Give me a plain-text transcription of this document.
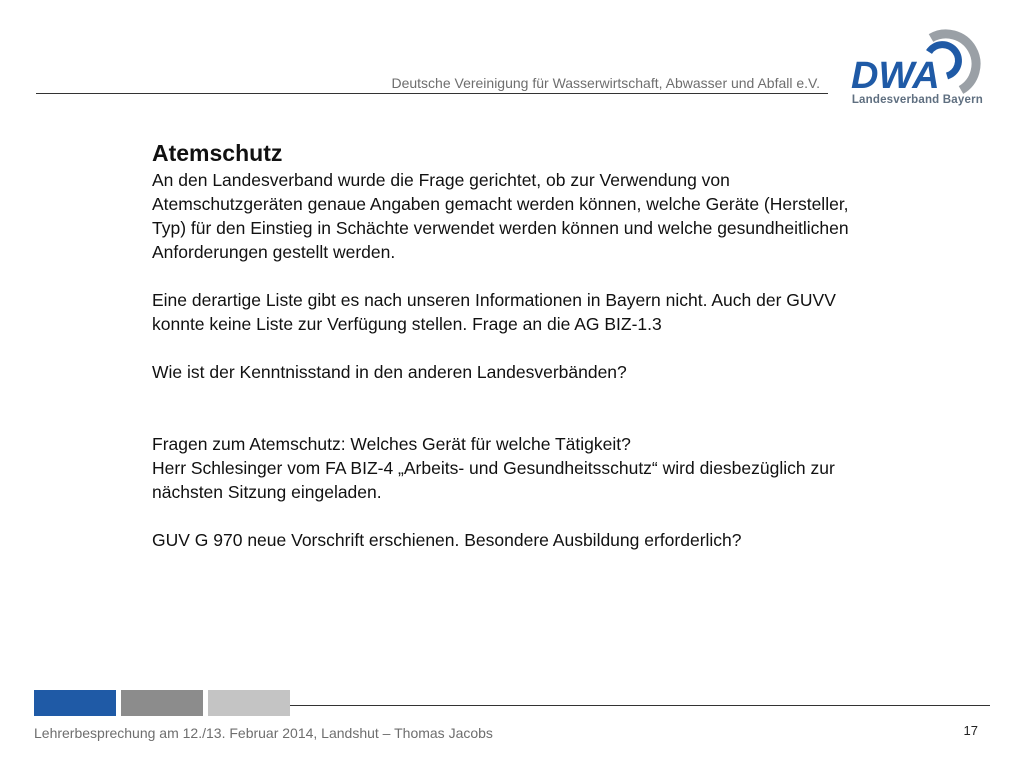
Deutsche Vereinigung für Wasserwirtschaft, Abwasser und Abfall e.V. DWA
Landesverband Bayern
Atemschutz

An den Landesverband wurde die Frage gerichtet, ob zur Verwendung von Atemschutzgeräten genaue Angaben gemacht werden können, welche Geräte (Hersteller, Typ) für den Einstieg in Schächte verwendet werden können und welche gesundheitlichen Anforderungen gestellt werden.

Eine derartige Liste gibt es nach unseren Informationen in Bayern nicht. Auch der GUVV konnte keine Liste zur Verfügung stellen. Frage an die AG BIZ-1.3

Wie ist der Kenntnisstand in den anderen Landesverbänden?

Fragen zum Atemschutz: Welches Gerät für welche Tätigkeit?

Herr Schlesinger vom FA BIZ-4 „Arbeits- und Gesundheitsschutz“ wird diesbezüglich zur nächsten Sitzung eingeladen.

GUV G 970 neue Vorschrift erschienen. Besondere Ausbildung erforderlich?

Lehrerbesprechung am 12./13. Februar 2014, Landshut – Thomas Jacobs	17
